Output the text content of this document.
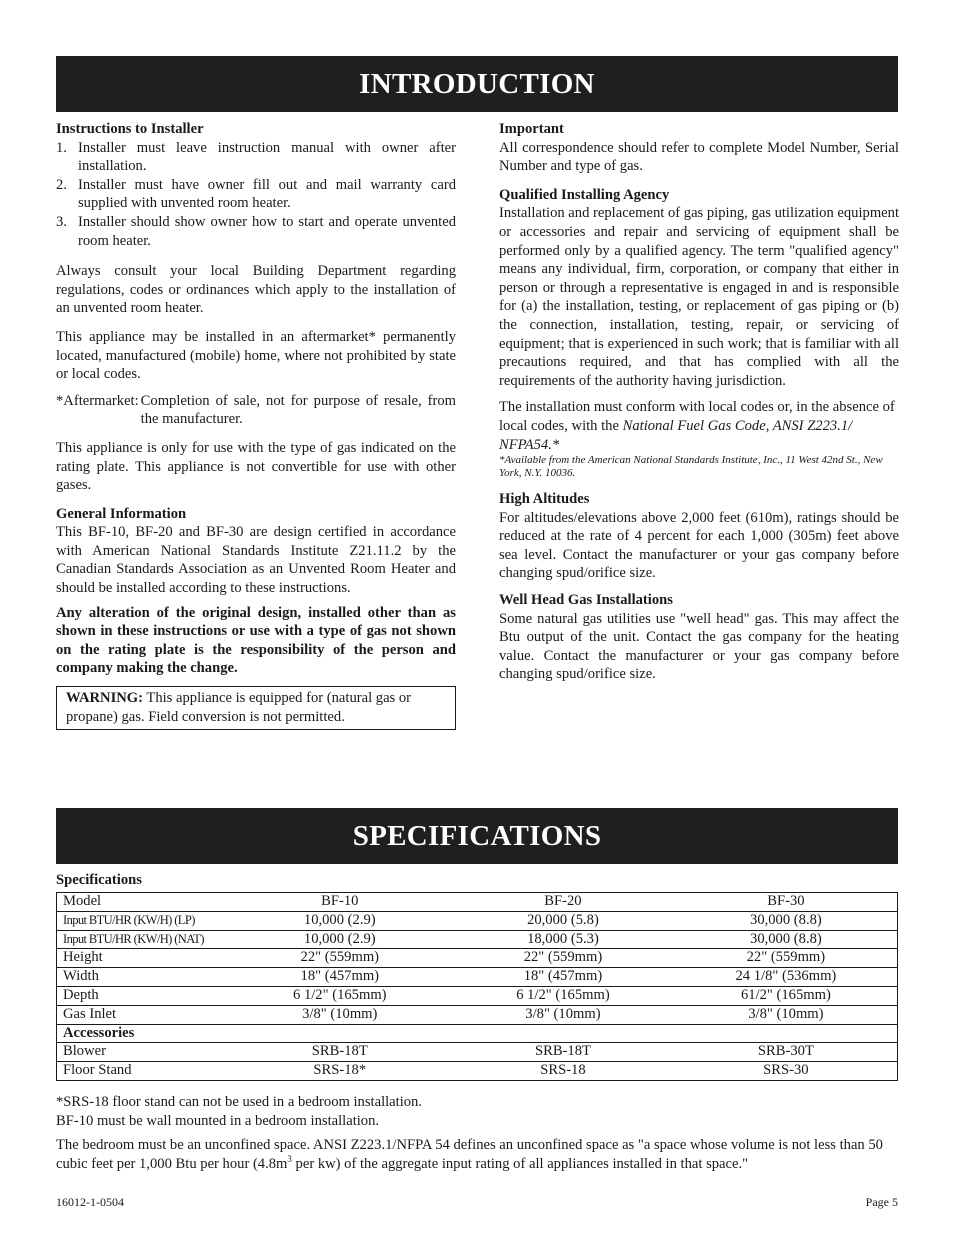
INTRODUCTION

Instructions to Installer

1. Installer must leave instruction manual with owner after installation.
2. Installer must have owner fill out and mail warranty card supplied with unvented room heater.
3. Installer should show owner how to start and operate unvented room heater.

Always consult your local Building Department regarding regulations, codes or ordinances which apply to the installation of an unvented room heater.

This appliance may be installed in an aftermarket* permanently located, manufactured (mobile) home, where not prohibited by state or local codes.

*Aftermarket: Completion of sale, not for purpose of resale, from the manufacturer.

This appliance is only for use with the type of gas indicated on the rating plate. This appliance is not convertible for use with other gases.

General Information

This BF-10, BF-20 and BF-30 are design certified in accordance with American National Standards Institute Z21.11.2 by the Canadian Standards Association as an Unvented Room Heater and should be installed according to these instructions.

Any alteration of the original design, installed other than as shown in these instructions or use with a type of gas not shown on the rating plate is the responsibility of the person and company making the change.

WARNING: This appliance is equipped for (natural gas or propane) gas. Field conversion is not permitted.

Important

All correspondence should refer to complete Model Number, Serial Number and type of gas.

Qualified Installing Agency

Installation and replacement of gas piping, gas utilization equipment or accessories and repair and servicing of equipment shall be performed only by a qualified agency. The term "qualified agency" means any individual, firm, corporation, or company that either in person or through a representative is engaged in and is responsible for (a) the installation, testing, or replacement of gas piping or (b) the connection, installation, testing, repair, or servicing of equipment; that is experienced in such work; that is familiar with all precautions required, and that has complied with all the requirements of the authority having jurisdiction.

The installation must conform with local codes or, in the absence of local codes, with the National Fuel Gas Code, ANSI Z223.1/ NFPA54.*

*Available from the American National Standards Institute, Inc., 11 West 42nd St., New York, N.Y. 10036.

High Altitudes

For altitudes/elevations above 2,000 feet (610m), ratings should be reduced at the rate of 4 percent for each 1,000 (305m) feet above sea level. Contact the manufacturer or your gas company before changing spud/orifice size.

Well Head Gas Installations

Some natural gas utilities use "well head" gas. This may affect the Btu output of the unit. Contact the gas company for the heating value. Contact the manufacturer or your gas company before changing spud/orifice size.

SPECIFICATIONS
Specifications
Model	BF-10	BF-20	BF-30
Input BTU/HR (KW/H) (LP)	10,000 (2.9)	20,000 (5.8)	30,000 (8.8)
Input BTU/HR (KW/H) (NAT)	10,000 (2.9)	18,000 (5.3)	30,000 (8.8)
Height	22" (559mm)	22" (559mm)	22" (559mm)
Width	18" (457mm)	18" (457mm)	24 1/8" (536mm)
Depth	6 1/2" (165mm)	6 1/2" (165mm)	61/2" (165mm)
Gas Inlet	3/8" (10mm)	3/8" (10mm)	3/8" (10mm)
Accessories			
Blower	SRB-18T	SRB-18T	SRB-30T
Floor Stand	SRS-18*	SRS-18	SRS-30

*SRS-18 floor stand can not be used in a bedroom installation.

BF-10 must be wall mounted in a bedroom installation.

The bedroom must be an unconfined space. ANSI Z223.1/NFPA 54 defines an unconfined space as "a space whose volume is not less than 50 cubic feet per 1,000 Btu per hour ($4.8m^3$ per kw) of the aggregate input rating of all appliances installed in that space."

16012-1-0504	Page 5
